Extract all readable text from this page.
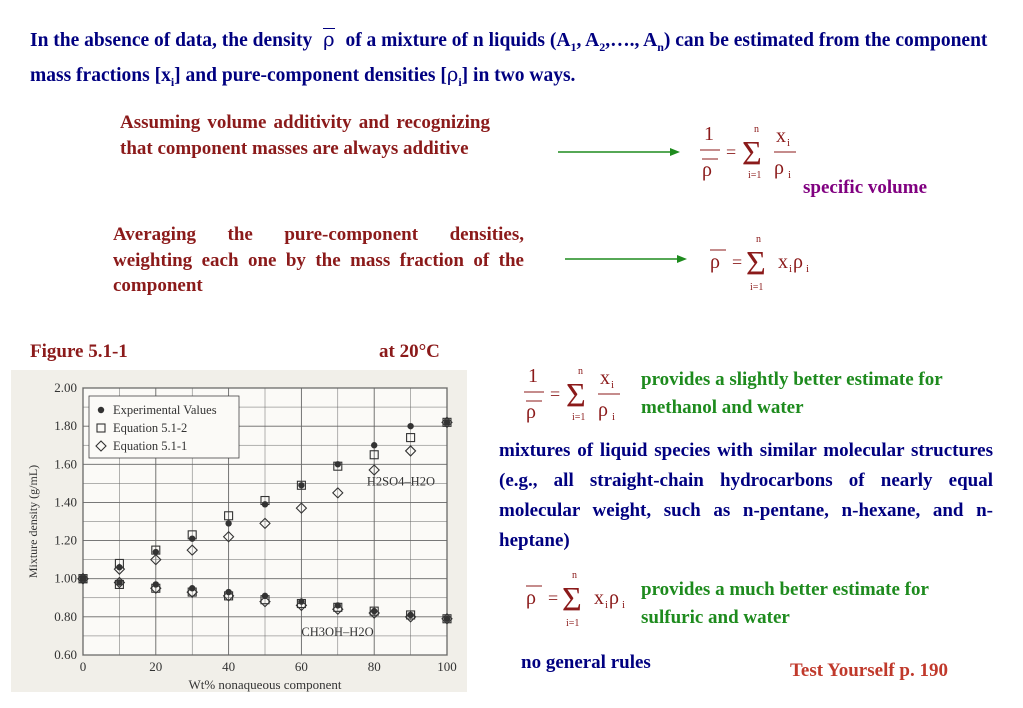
In the absence of data, the density ρ of a mixture of n liquids ($A_1$, $A_2,\dots$., $A_n$) can be estimated from the component mass fractions $[x_i]$ and pure-component densities $[\rho_i]$ in two ways.
Assuming volume additivity and recognizing that component masses are always additive
1
ρ
=
n
Σ
i=1
x i
ρ i
specific volume
Averaging the pure-component densities, weighting each one by the mass fraction of the component
ρ =
n
Σ
i=1
x i ρ i
Figure 5.1-1	at 20°C
0	20	40	60	80	100
0.60
0.80
1.00
1.20
1.40
1.60
1.80
2.00
Wt% nonaqueous component
Mixture density (g/mL)
Experimental Values
Equation 5.1-2
Equation 5.1-1
H2SO4–H2O
CH3OH–H2O
1
ρ
=
n
Σ
i=1
x i
ρ i
provides a slightly better estimate for methanol and water
mixtures of liquid species with similar molecular structures (e.g., all straight-chain hydrocarbons of nearly equal molecular weight, such as n-pentane, n-hexane, and n-heptane)
ρ =
n
Σ
i=1
x i ρ i
provides a much better estimate for sulfuric and water
no general rules	Test Yourself p. 190
